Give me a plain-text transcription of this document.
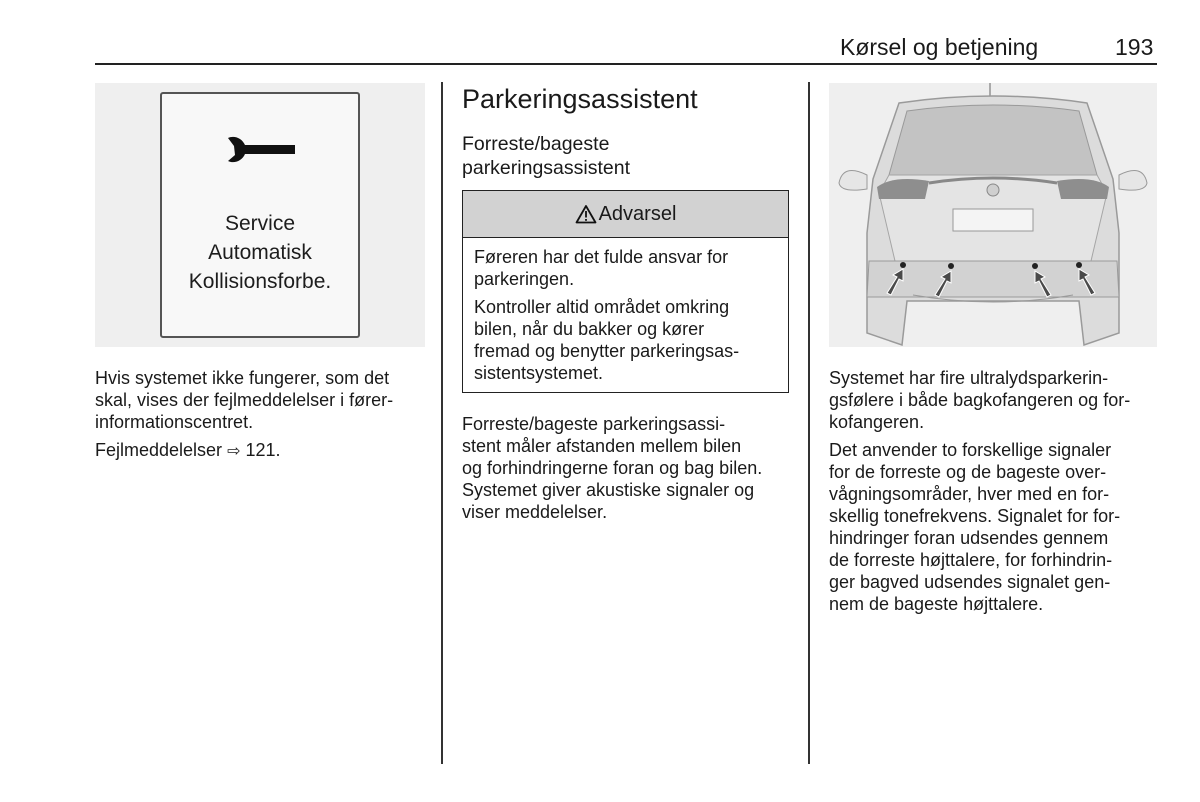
Kørsel og betjening	193
Service
Automatisk
Kollisionsforbe.
Hvis systemet ikke fungerer, som det
skal, vises der fejlmeddelelser i fører-
informationscentret.
Fejlmeddelelser ⇨ 121.
Parkeringsassistent
Forreste/bageste
parkeringsassistent
Advarsel

Føreren har det fulde ansvar for
parkeringen.

Kontroller altid området omkring
bilen, når du bakker og kører
fremad og benytter parkeringsas-
sistentsystemet.

Forreste/bageste parkeringsassi-
stent måler afstanden mellem bilen
og forhindringerne foran og bag bilen.
Systemet giver akustiske signaler og
viser meddelelser.
Systemet har fire ultralydsparkerin-
gsfølere i både bagkofangeren og for-
kofangeren.
Det anvender to forskellige signaler
for de forreste og de bageste over-
vågningsområder, hver med en for-
skellig tonefrekvens. Signalet for for-
hindringer foran udsendes gennem
de forreste højttalere, for forhindrin-
ger bagved udsendes signalet gen-
nem de bageste højttalere.
